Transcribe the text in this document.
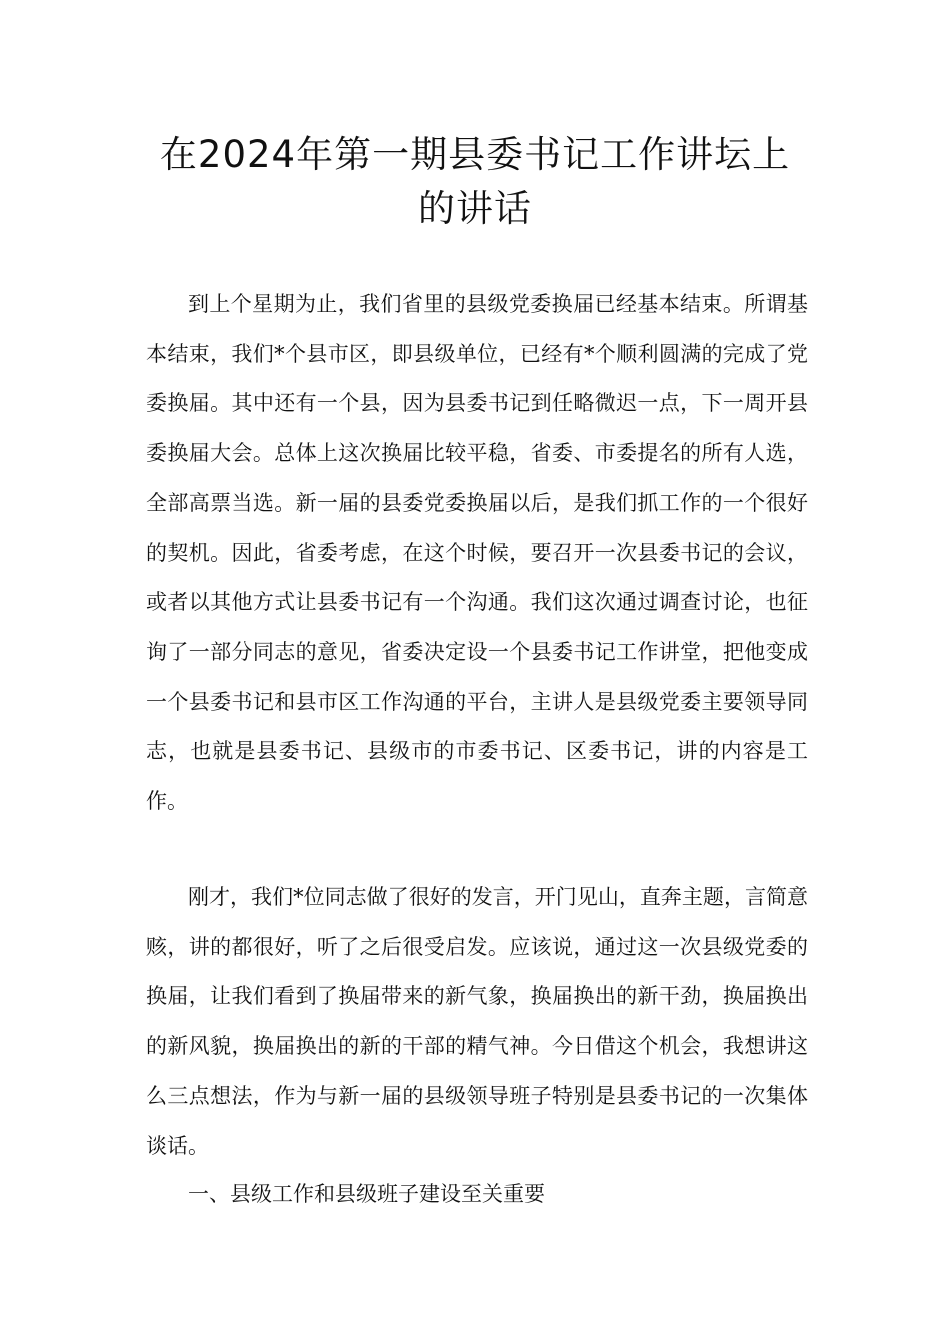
在2024年第一期县委书记工作讲坛上
的讲话

到上个星期为止，我们省里的县级党委换届已经基本结束。所谓基本结束，我们*个县市区，即县级单位，已经有*个顺利圆满的完成了党委换届。其中还有一个县，因为县委书记到任略微迟一点，下一周开县委换届大会。总体上这次换届比较平稳，省委、市委提名的所有人选，全部高票当选。新一届的县委党委换届以后，是我们抓工作的一个很好的契机。因此，省委考虑，在这个时候，要召开一次县委书记的会议，或者以其他方式让县委书记有一个沟通。我们这次通过调查讨论，也征询了一部分同志的意见，省委决定设一个县委书记工作讲堂，把他变成一个县委书记和县市区工作沟通的平台，主讲人是县级党委主要领导同志，也就是县委书记、县级市的市委书记、区委书记，讲的内容是工作。

刚才，我们*位同志做了很好的发言，开门见山，直奔主题，言简意赅，讲的都很好，听了之后很受启发。应该说，通过这一次县级党委的换届，让我们看到了换届带来的新气象，换届换出的新干劲，换届换出的新风貌，换届换出的新的干部的精气神。今日借这个机会，我想讲这么三点想法，作为与新一届的县级领导班子特别是县委书记的一次集体谈话。

一、县级工作和县级班子建设至关重要
